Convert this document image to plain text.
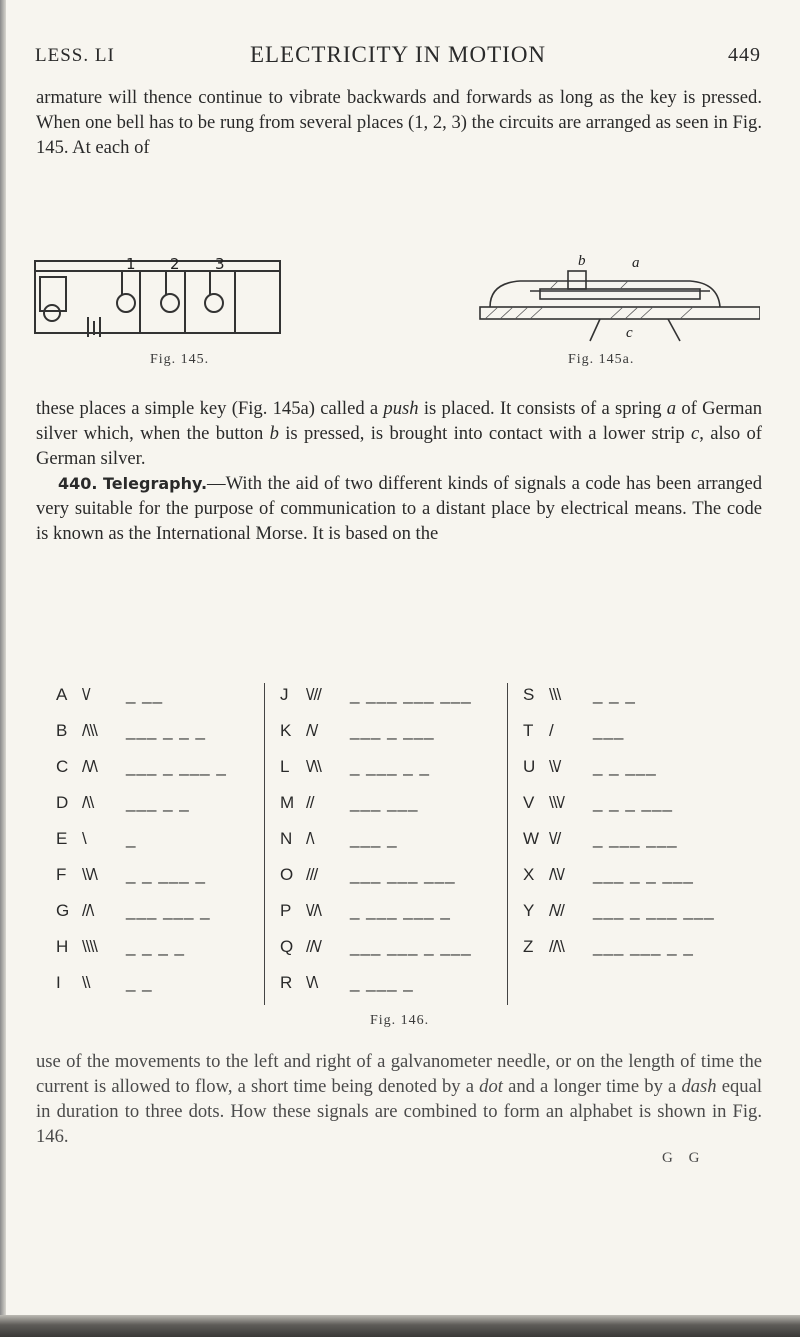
LESS. LI	ELECTRICITY IN MOTION	449

armature will thence continue to vibrate backwards and forwards as long as the key is pressed. When one bell has to be rung from several places (1, 2, 3) the circuits are arranged as seen in Fig. 145. At each of

1 2 3	b	a
c
Fig. 145.	Fig. 145a.

these places a simple key (Fig. 145a) called a push is placed. It consists of a spring a of German silver which, when the button b is pressed, is brought into contact with a lower strip c, also of German silver.
440. Telegraphy.—With the aid of two different kinds of signals a code has been arranged very suitable for the purpose of communication to a distant place by electrical means. The code is known as the International Morse. It is based on the

A \/ _ __
B /\\\ ___ _ _ _
C /\/\ ___ _ ___ _
D /\\ ___ _ _
E \ _
F \\/\ _ _ ___ _
G //\ ___ ___ _
H \\\\ _ _ _ _
I \\ _ _
J \/// _ ___ ___ ___
K /\/ ___ _ ___
L \/\\ _ ___ _ _
M // ___ ___
N /\ ___ _
O /// ___ ___ ___
P \//\ _ ___ ___ _
Q //\/ ___ ___ _ ___
R \/\ _ ___ _
S \\\ _ _ _
T / ___
U \\/ _ _ ___
V \\\/ _ _ _ ___
W \// _ ___ ___
X /\\/ ___ _ _ ___
Y /\// ___ _ ___ ___
Z //\\ ___ ___ _ _
Fig. 146.

use of the movements to the left and right of a galvanometer needle, or on the length of time the current is allowed to flow, a short time being denoted by a dot and a longer time by a dash equal in duration to three dots. How these signals are combined to form an alphabet is shown in Fig. 146.

G G
